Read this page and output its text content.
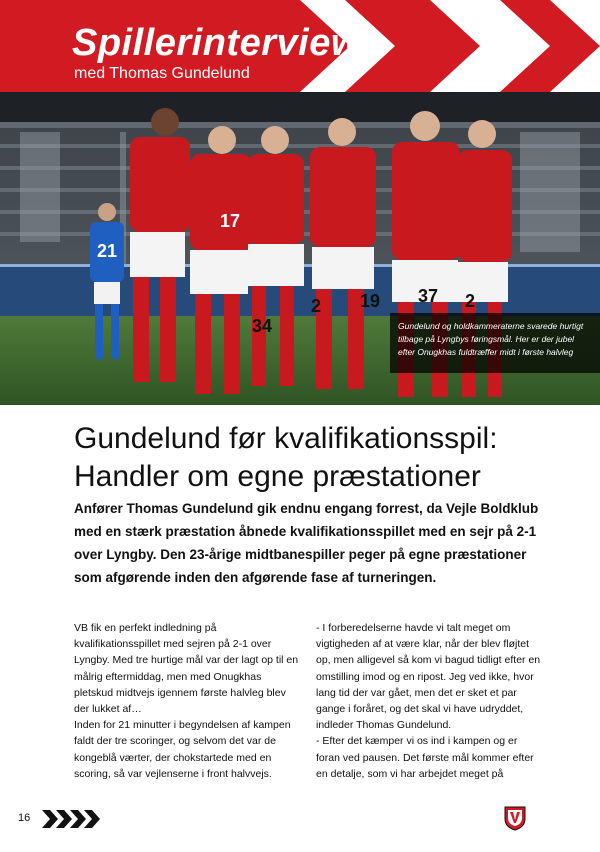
Spillerinterview
med Thomas Gundelund
21
17
34
2 19 37 2

Gundelund og holdkammeraterne svarede hurtigt

tilbage på Lyngbys føringsmål. Her er der jubel

efter Onugkhas fuldtræffer midt i første halvleg

Gundelund før kvalifikationsspil:
Handler om egne præstationer

Anfører Thomas Gundelund gik endnu engang forrest, da Vejle Boldklub med en stærk præstation åbnede kvalifikationsspillet med en sejr på 2-1 over Lyngby. Den 23-årige midtbanespiller peger på egne præstationer som afgørende inden den afgørende fase af turneringen.

VB fik en perfekt indledning på kvalifikationsspillet med sejren på 2-1 over Lyngby. Med tre hurtige mål var der lagt op til en målrig eftermiddag, men med Onugkhas pletskud midtvejs igennem første halvleg blev der lukket af…

Inden for 21 minutter i begyndelsen af kampen faldt der tre scoringer, og selvom det var de kongeblå værter, der chokstartede med en scoring, så var vejlenserne i front halvvejs.

- I forberedelserne havde vi talt meget om vigtigheden af at være klar, når der blev fløjtet op, men alligevel så kom vi bagud tidligt efter en omstilling imod og en ripost. Jeg ved ikke, hvor lang tid der var gået, men det er sket et par gange i foråret, og det skal vi have udryddet, indleder Thomas Gundelund.

- Efter det kæmper vi os ind i kampen og er foran ved pausen. Det første mål kommer efter en detalje, som vi har arbejdet meget på

16
